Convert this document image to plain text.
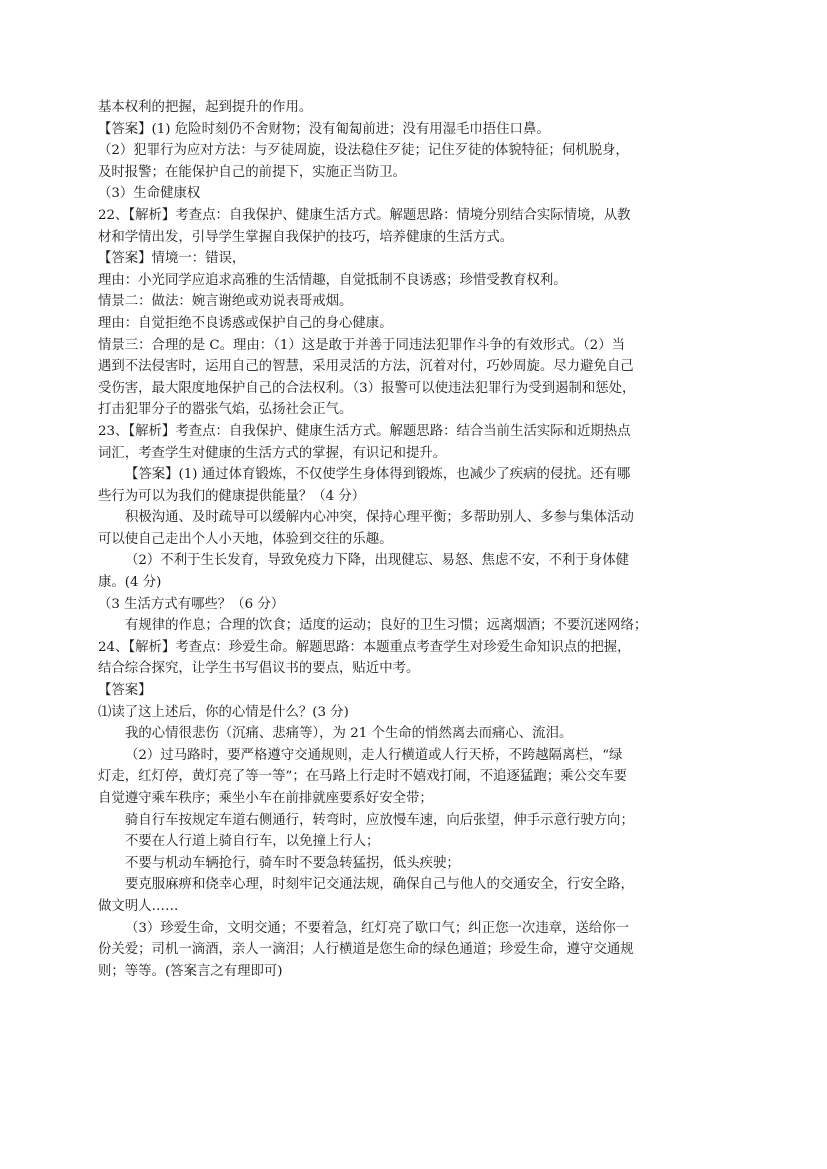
基本权利的把握，起到提升的作用。
【答案】(1) 危险时刻仍不舍财物；没有匍匐前进；没有用湿毛巾捂住口鼻。
（2）犯罪行为应对方法：与歹徒周旋，设法稳住歹徒；记住歹徒的体貌特征；伺机脱身，
及时报警；在能保护自己的前提下，实施正当防卫。
（3）生命健康权
22、【解析】考查点：自我保护、健康生活方式。解题思路：情境分别结合实际情境，从教
材和学情出发，引导学生掌握自我保护的技巧，培养健康的生活方式。
【答案】情境一：错误，
理由：小光同学应追求高雅的生活情趣，自觉抵制不良诱惑；珍惜受教育权利。
情景二：做法：婉言谢绝或劝说表哥戒烟。
理由：自觉拒绝不良诱惑或保护自己的身心健康。
情景三：合理的是 C。理由：（1）这是敢于并善于同违法犯罪作斗争的有效形式。（2）当
遇到不法侵害时，运用自己的智慧，采用灵活的方法，沉着对付，巧妙周旋。尽力避免自己
受伤害，最大限度地保护自己的合法权利。（3）报警可以使违法犯罪行为受到遏制和惩处，
打击犯罪分子的嚣张气焰，弘扬社会正气。
23、【解析】考查点：自我保护、健康生活方式。解题思路：结合当前生活实际和近期热点
词汇，考查学生对健康的生活方式的掌握，有识记和提升。
【答案】(1) 通过体育锻炼，不仅使学生身体得到锻炼，也减少了疾病的侵扰。还有哪
些行为可以为我们的健康提供能量？（4 分）
积极沟通、及时疏导可以缓解内心冲突，保持心理平衡；多帮助别人、多参与集体活动
可以使自己走出个人小天地，体验到交往的乐趣。
（2）不利于生长发育，导致免疫力下降，出现健忘、易怒、焦虑不安，不利于身体健
康。(4 分)
（3 生活方式有哪些？（6 分）
有规律的作息；合理的饮食；适度的运动；良好的卫生习惯；远离烟酒；不要沉迷网络；
24、【解析】考查点：珍爱生命。解题思路：本题重点考查学生对珍爱生命知识点的把握，
结合综合探究，让学生书写倡议书的要点，贴近中考。
【答案】
⑴读了这上述后，你的心情是什么？(3 分)
我的心情很悲伤（沉痛、悲痛等），为 21 个生命的悄然离去而痛心、流泪。
（2）过马路时，要严格遵守交通规则，走人行横道或人行天桥，不跨越隔离栏，“绿
灯走，红灯停，黄灯亮了等一等”；在马路上行走时不嬉戏打闹，不追逐猛跑；乘公交车要
自觉遵守乘车秩序；乘坐小车在前排就座要系好安全带；
骑自行车按规定车道右侧通行，转弯时，应放慢车速，向后张望，伸手示意行驶方向；
不要在人行道上骑自行车，以免撞上行人；
不要与机动车辆抢行，骑车时不要急转猛拐，低头疾驶；
要克服麻痹和侥幸心理，时刻牢记交通法规，确保自己与他人的交通安全，行安全路，
做文明人……
（3）珍爱生命，文明交通；不要着急，红灯亮了歇口气；纠正您一次违章，送给你一
份关爱；司机一滴酒，亲人一滴泪；人行横道是您生命的绿色通道；珍爱生命，遵守交通规
则；等等。(答案言之有理即可)
